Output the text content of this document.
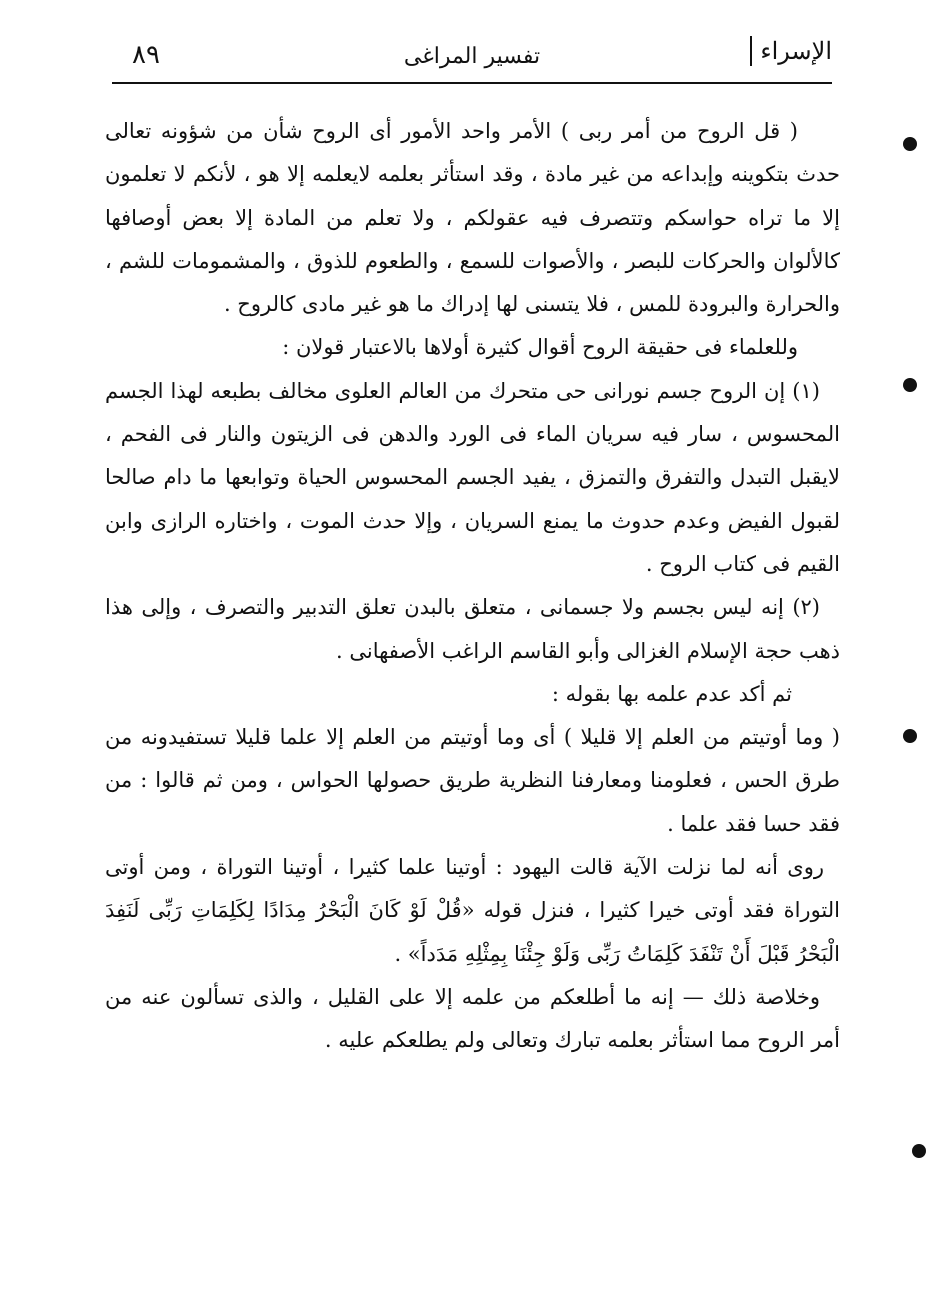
٨٩	تفسير المراغى	الإسراء

( قل الروح من أمر ربى ) الأمر واحد الأمور أى الروح شأن من شؤونه تعالى حدث بتكوينه وإبداعه من غير مادة ، وقد استأثر بعلمه لايعلمه إلا هو ، لأنكم لا تعلمون إلا ما تراه حواسكم وتتصرف فيه عقولكم ، ولا تعلم من المادة إلا بعض أوصافها كالألوان والحركات للبصر ، والأصوات للسمع ، والطعوم للذوق ، والمشمومات للشم ، والحرارة والبرودة للمس ، فلا يتسنى لها إدراك ما هو غير مادى كالروح .

وللعلماء فى حقيقة الروح أقوال كثيرة أولاها بالاعتبار قولان :

(١) إن الروح جسم نورانى حى متحرك من العالم العلوى مخالف بطبعه لهذا الجسم المحسوس ، سار فيه سريان الماء فى الورد والدهن فى الزيتون والنار فى الفحم ، لايقبل التبدل والتفرق والتمزق ، يفيد الجسم المحسوس الحياة وتوابعها ما دام صالحا لقبول الفيض وعدم حدوث ما يمنع السريان ، وإلا حدث الموت ، واختاره الرازى وابن القيم فى كتاب الروح .

(٢) إنه ليس بجسم ولا جسمانى ، متعلق بالبدن تعلق التدبير والتصرف ، وإلى هذا ذهب حجة الإسلام الغزالى وأبو القاسم الراغب الأصفهانى .

ثم أكد عدم علمه بها بقوله :

( وما أوتيتم من العلم إلا قليلا ) أى وما أوتيتم من العلم إلا علما قليلا تستفيدونه من طرق الحس ، فعلومنا ومعارفنا النظرية طريق حصولها الحواس ، ومن ثم قالوا : من فقد حسا فقد علما .

روى أنه لما نزلت الآية قالت اليهود : أوتينا علما كثيرا ، أوتينا التوراة ، ومن أوتى التوراة فقد أوتى خيرا كثيرا ، فنزل قوله «قُلْ لَوْ كَانَ الْبَحْرُ مِدَادًا لِكَلِمَاتِ رَبِّى لَنَفِدَ الْبَحْرُ قَبْلَ أَنْ تَنْفَدَ كَلِمَاتُ رَبِّى وَلَوْ جِئْنَا بِمِثْلِهِ مَدَداً» .

وخلاصة ذلك — إنه ما أطلعكم من علمه إلا على القليل ، والذى تسألون عنه من أمر الروح مما استأثر بعلمه تبارك وتعالى ولم يطلعكم عليه .
